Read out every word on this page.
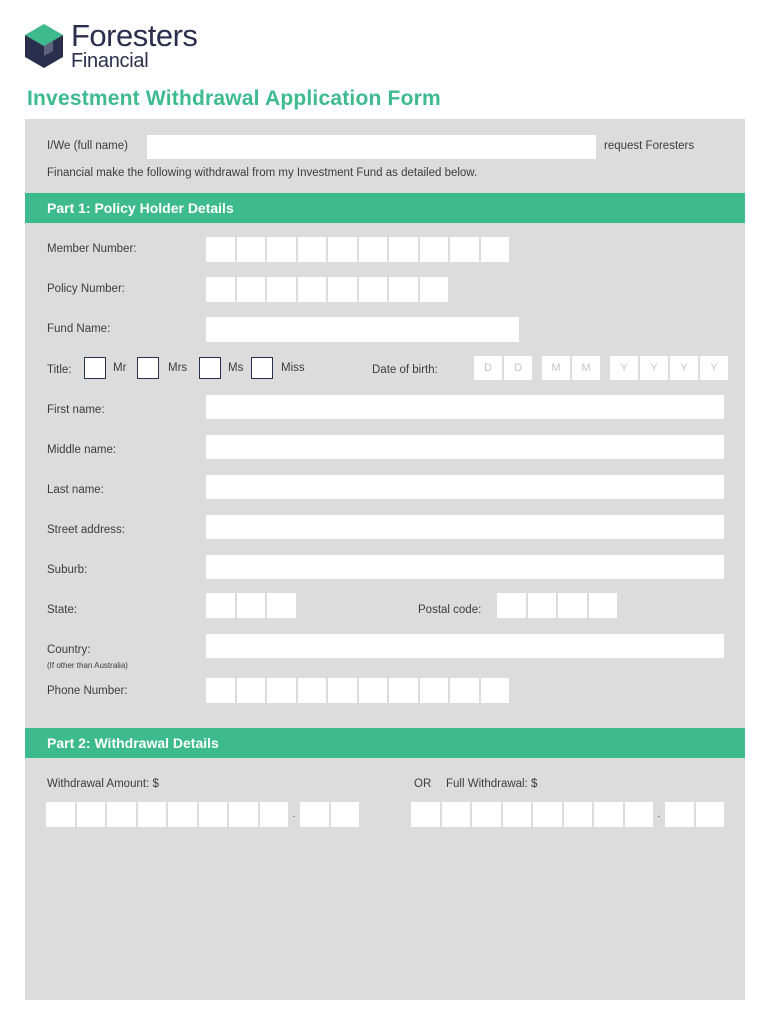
Foresters
Financial
Investment Withdrawal Application Form
I/We (full name)	request Foresters
Financial make the following withdrawal from my Investment Fund as detailed below.
Part 1: Policy Holder Details
Member Number:
Policy Number:
Fund Name:
Title:	Mr	Mrs	Ms	Miss	Date of birth:	D	D	M	M	Y	Y	Y	Y
First name:
Middle name:
Last name:
Street address:
Suburb:
State:	Postal code:
Country:
(If other than Australia)
Phone Number:
Part 2: Withdrawal Details
Withdrawal Amount: $	OR Full Withdrawal: $
.	.
